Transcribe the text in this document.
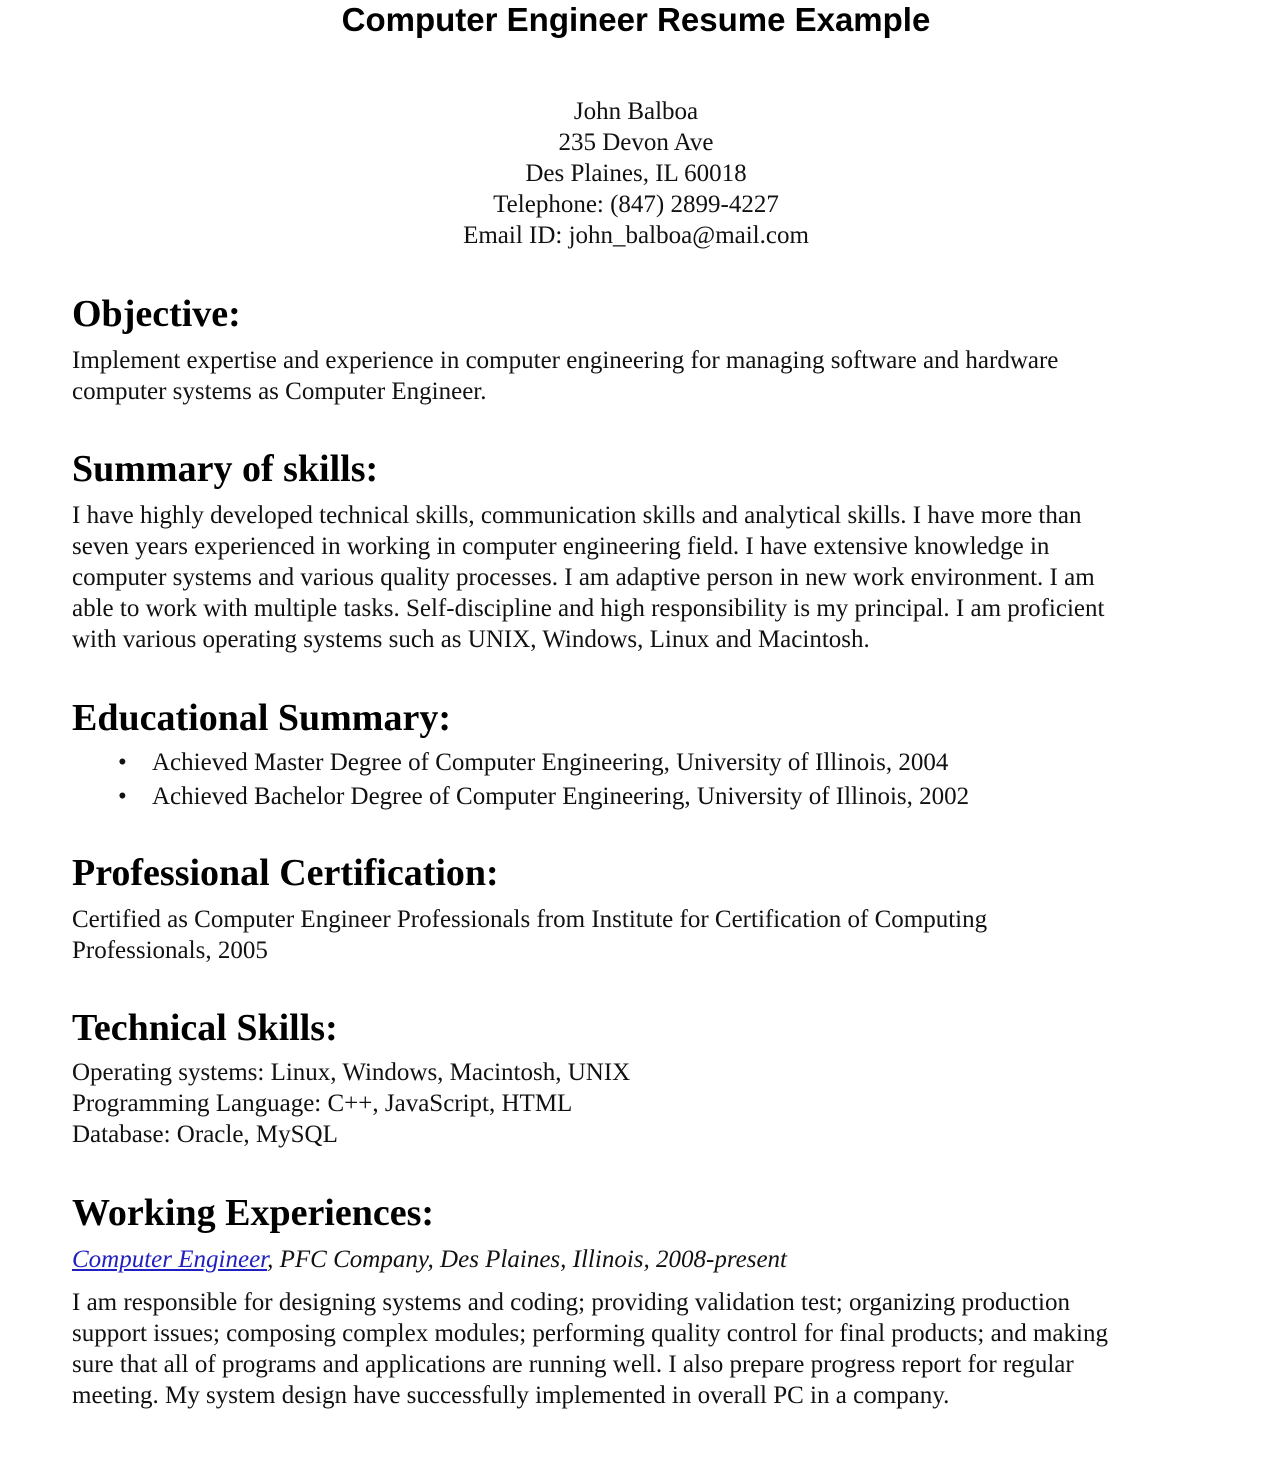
Computer Engineer Resume Example
John Balboa
235 Devon Ave
Des Plaines, IL 60018
Telephone: (847) 2899-4227
Email ID: john_balboa@mail.com
Objective:
Implement expertise and experience in computer engineering for managing software and hardware
computer systems as Computer Engineer.
Summary of skills:
I have highly developed technical skills, communication skills and analytical skills. I have more than
seven years experienced in working in computer engineering field. I have extensive knowledge in
computer systems and various quality processes. I am adaptive person in new work environment. I am
able to work with multiple tasks. Self-discipline and high responsibility is my principal. I am proficient
with various operating systems such as UNIX, Windows, Linux and Macintosh.
Educational Summary:
• Achieved Master Degree of Computer Engineering, University of Illinois, 2004
• Achieved Bachelor Degree of Computer Engineering, University of Illinois, 2002
Professional Certification:
Certified as Computer Engineer Professionals from Institute for Certification of Computing
Professionals, 2005
Technical Skills:
Operating systems: Linux, Windows, Macintosh, UNIX
Programming Language: C++, JavaScript, HTML
Database: Oracle, MySQL
Working Experiences:
Computer Engineer, PFC Company, Des Plaines, Illinois, 2008-present
I am responsible for designing systems and coding; providing validation test; organizing production
support issues; composing complex modules; performing quality control for final products; and making
sure that all of programs and applications are running well. I also prepare progress report for regular
meeting. My system design have successfully implemented in overall PC in a company.
